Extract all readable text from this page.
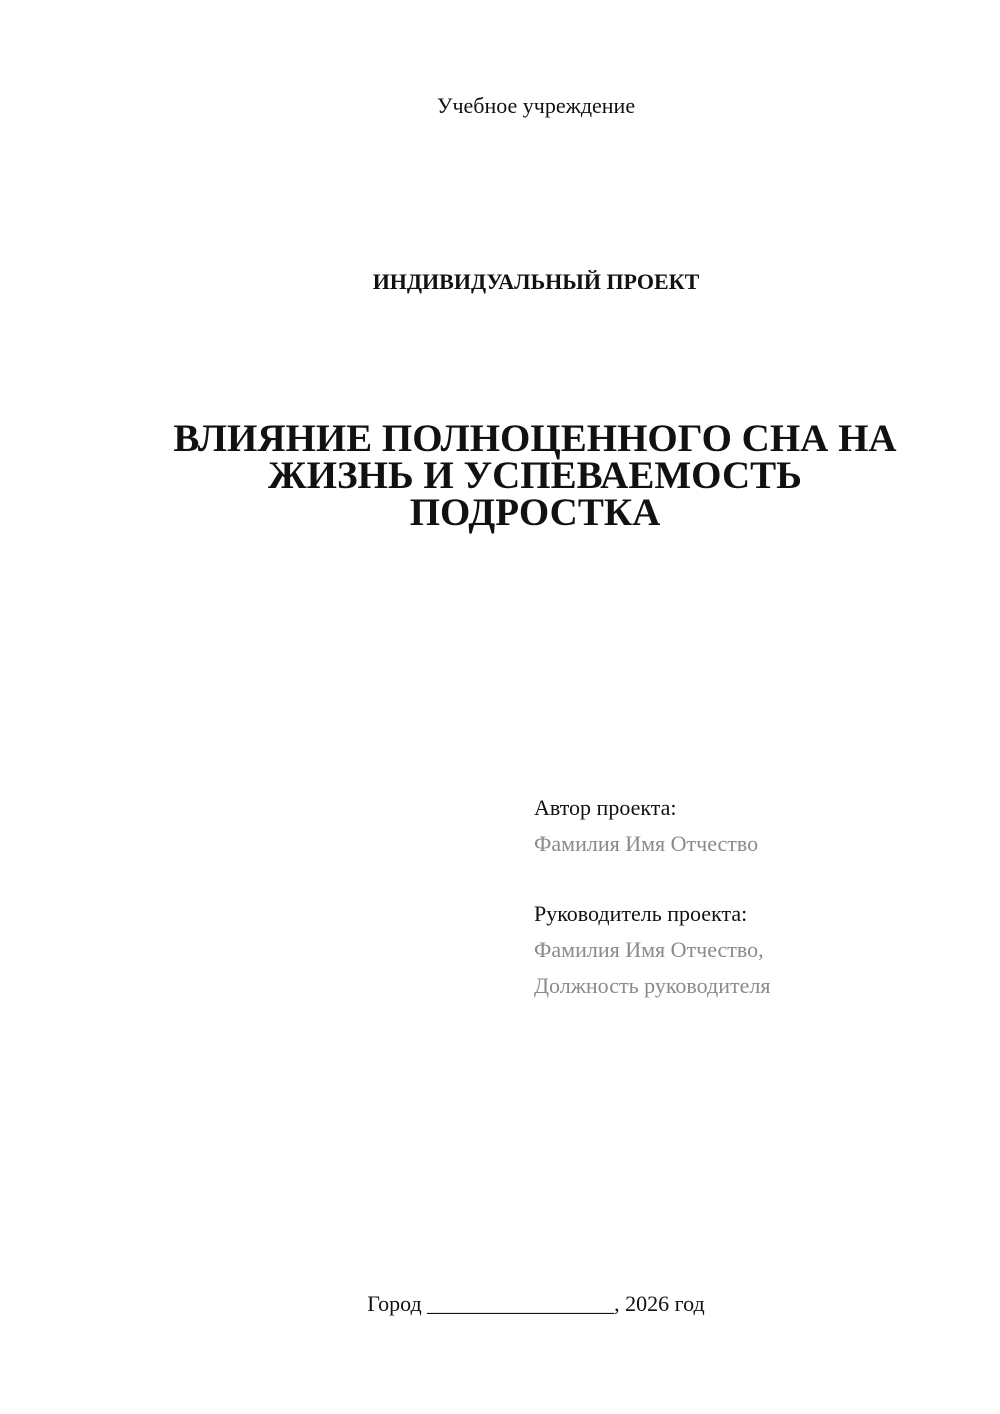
Учебное учреждение
ИНДИВИДУАЛЬНЫЙ ПРОЕКТ
ВЛИЯНИЕ ПОЛНОЦЕННОГО СНА НА
ЖИЗНЬ И УСПЕВАЕМОСТЬ
ПОДРОСТКА
Автор проекта:
Фамилия Имя Отчество
Руководитель проекта:
Фамилия Имя Отчество,
Должность руководителя
Город _________________, 2026 год
